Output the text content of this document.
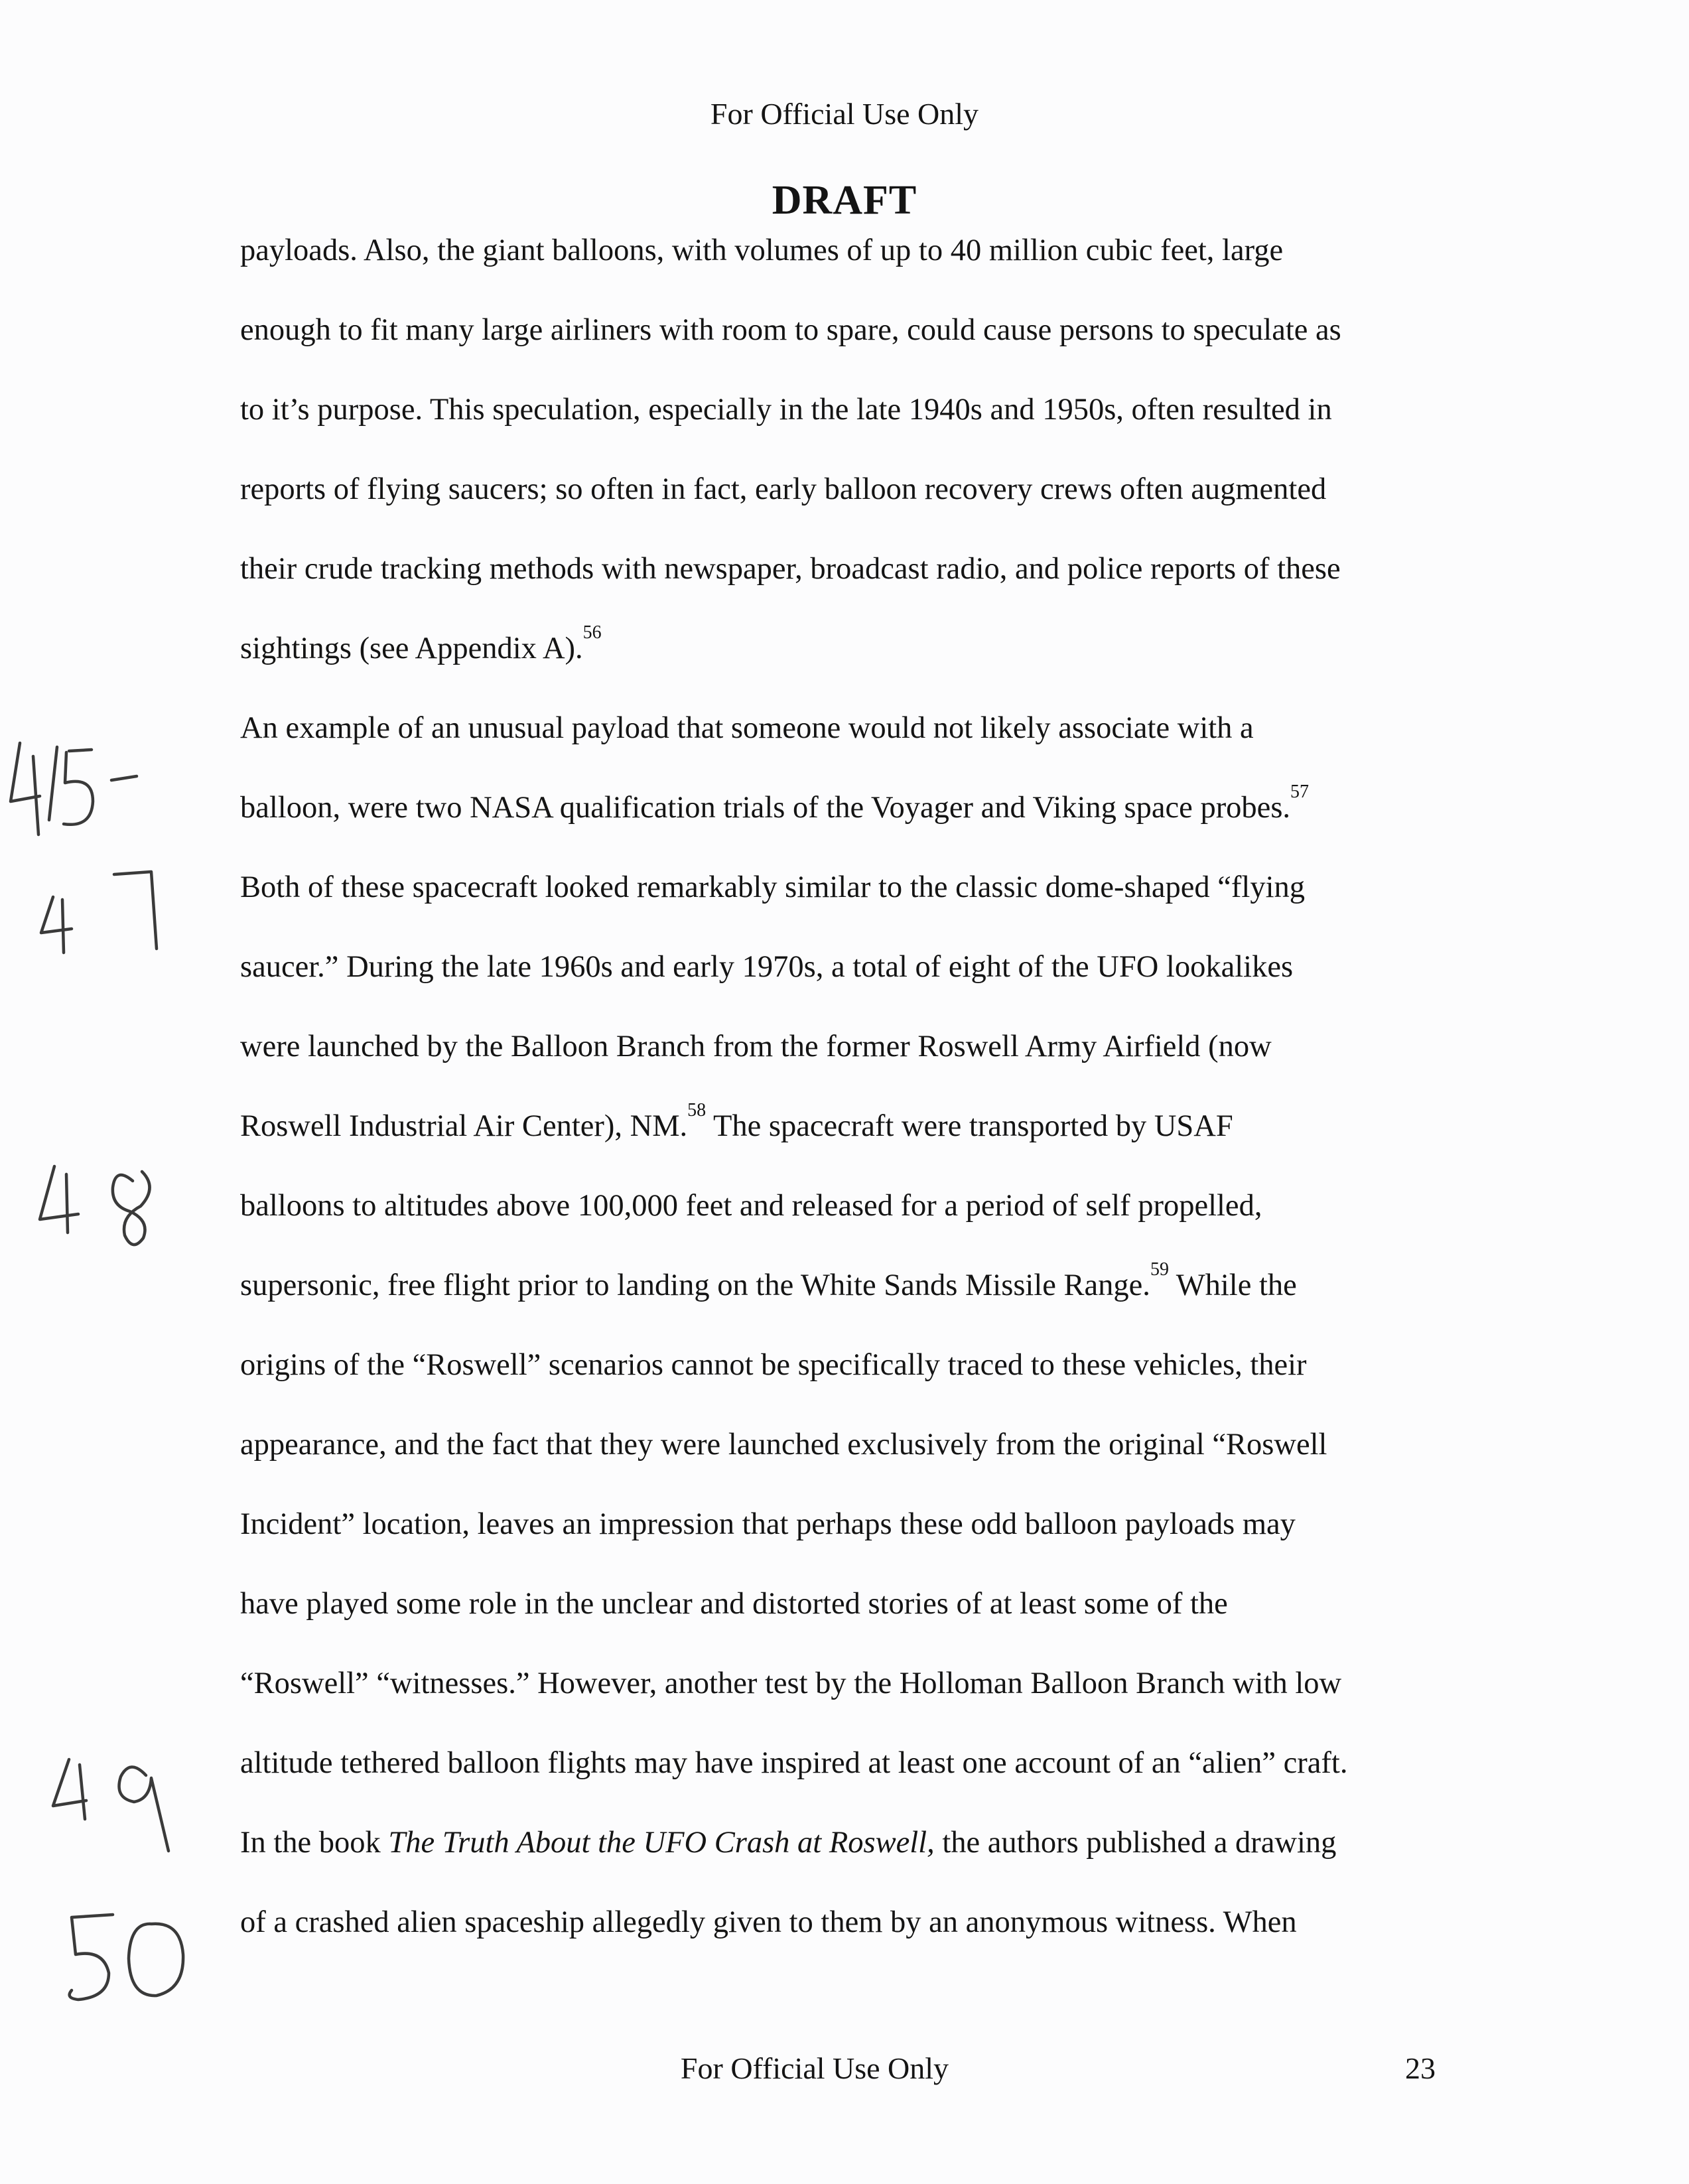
For Official Use Only
DRAFT
payloads. Also, the giant balloons, with volumes of up to 40 million cubic feet, large
enough to fit many large airliners with room to spare, could cause persons to speculate as
to it’s purpose. This speculation, especially in the late 1940s and 1950s, often resulted in
reports of flying saucers; so often in fact, early balloon recovery crews often augmented
their crude tracking methods with newspaper, broadcast radio, and police reports of these
sightings (see Appendix A).$^{56}$
An example of an unusual payload that someone would not likely associate with a
balloon, were two NASA qualification trials of the Voyager and Viking space probes.$^{57}$
Both of these spacecraft looked remarkably similar to the classic dome-shaped “flying
saucer.” During the late 1960s and early 1970s, a total of eight of the UFO lookalikes
were launched by the Balloon Branch from the former Roswell Army Airfield (now
Roswell Industrial Air Center), NM.$^{58}$ The spacecraft were transported by USAF
balloons to altitudes above 100,000 feet and released for a period of self propelled,
supersonic, free flight prior to landing on the White Sands Missile Range.$^{59}$ While the
origins of the “Roswell” scenarios cannot be specifically traced to these vehicles, their
appearance, and the fact that they were launched exclusively from the original “Roswell
Incident” location, leaves an impression that perhaps these odd balloon payloads may
have played some role in the unclear and distorted stories of at least some of the
“Roswell” “witnesses.” However, another test by the Holloman Balloon Branch with low
altitude tethered balloon flights may have inspired at least one account of an “alien” craft.
In the book The Truth About the UFO Crash at Roswell, the authors published a drawing
of a crashed alien spaceship allegedly given to them by an anonymous witness. When
For Official Use Only	23
